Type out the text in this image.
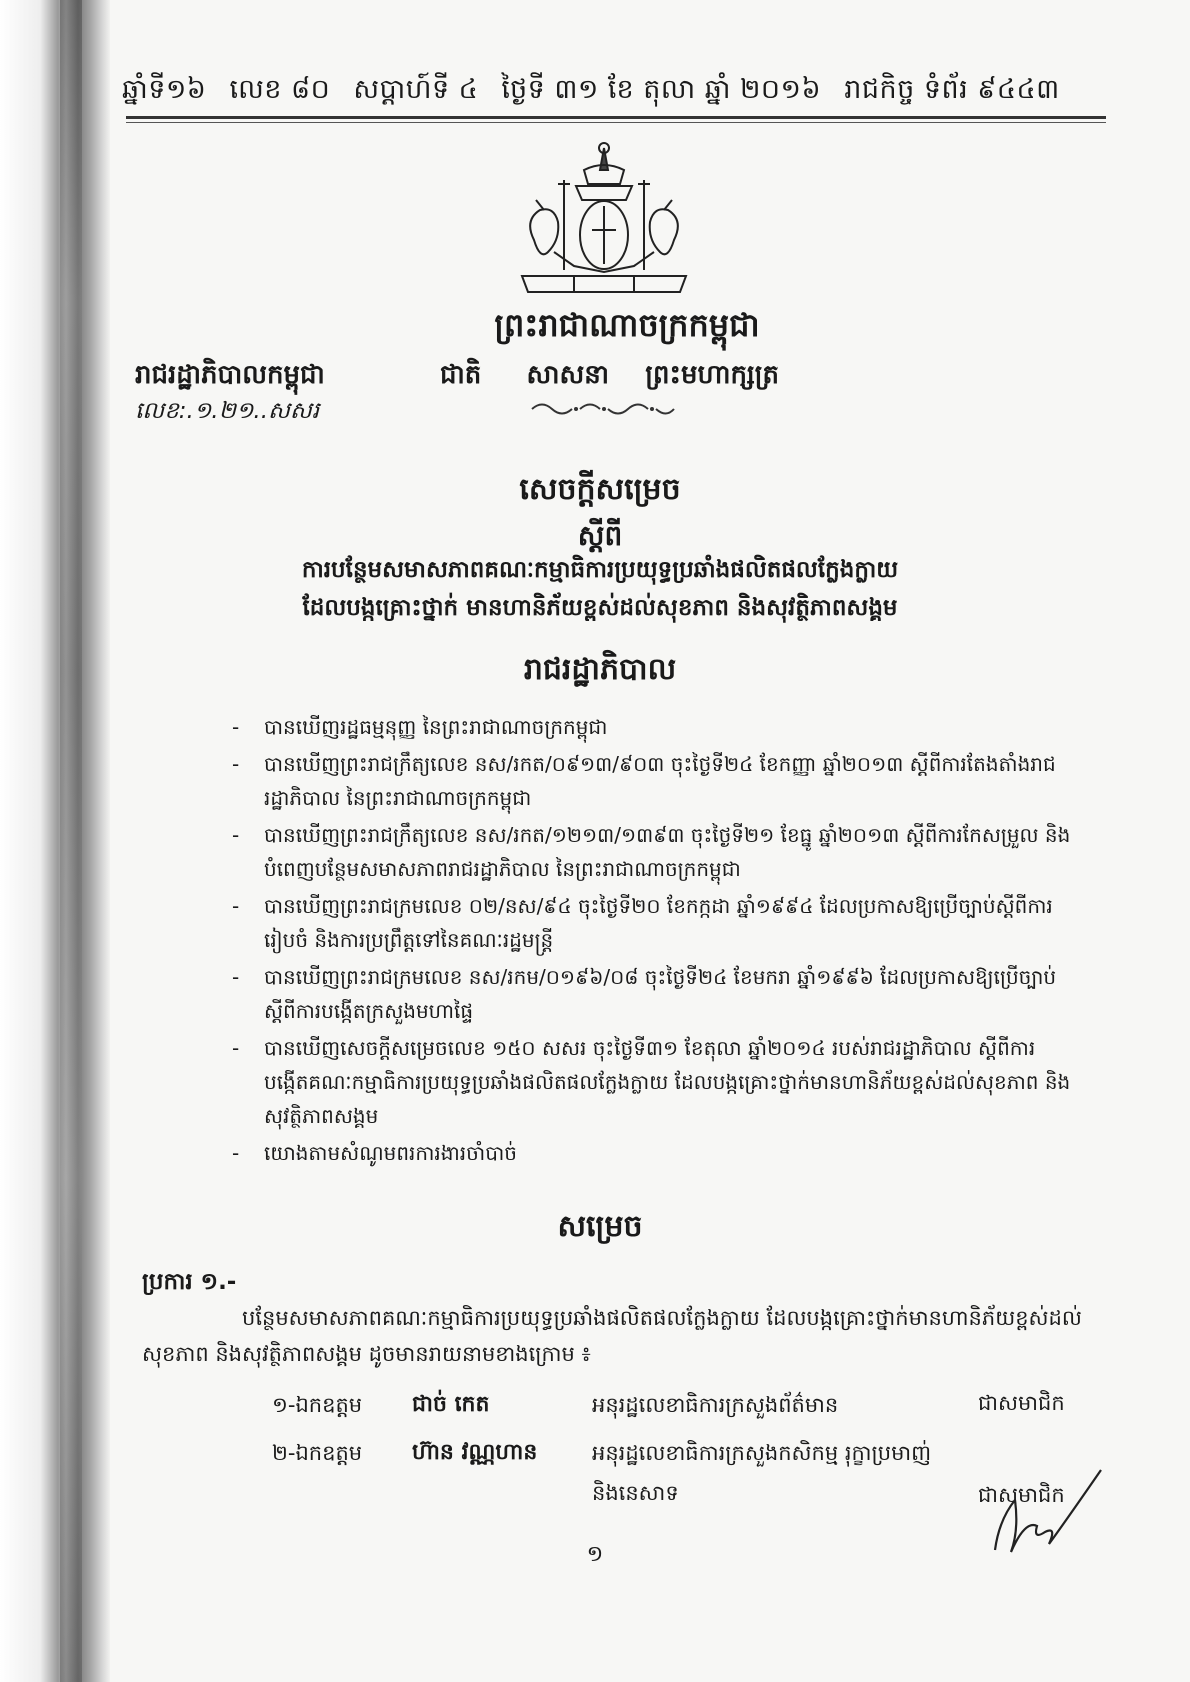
ឆ្នាំទី១៦ លេខ ៨០ សប្តាហ៍ទី ៤ ថ្ងៃទី ៣១ ខែ តុលា ឆ្នាំ ២០១៦ រាជកិច្ច ទំព័រ ៩៤៤៣
ព្រះរាជាណាចក្រកម្ពុជា
ជាតិ សាសនា ព្រះមហាក្សត្រ
រាជរដ្ឋាភិបាលកម្ពុជា
លេខ:.១.២១..សសរ
សេចក្តីសម្រេច
ស្តីពី
ការបន្ថែមសមាសភាពគណៈកម្មាធិការប្រយុទ្ធប្រឆាំងផលិតផលក្លែងក្លាយ
ដែលបង្កគ្រោះថ្នាក់ មានហានិភ័យខ្ពស់ដល់សុខភាព និងសុវត្ថិភាពសង្គម
រាជរដ្ឋាភិបាល
- បានឃើញរដ្ឋធម្មនុញ្ញ នៃព្រះរាជាណាចក្រកម្ពុជា
- បានឃើញព្រះរាជក្រឹត្យលេខ នស/រកត/០៩១៣/៩០៣ ចុះថ្ងៃទី២៤ ខែកញ្ញា ឆ្នាំ២០១៣ ស្តីពីការតែងតាំងរាជរដ្ឋាភិបាល នៃព្រះរាជាណាចក្រកម្ពុជា
- បានឃើញព្រះរាជក្រឹត្យលេខ នស/រកត/១២១៣/១៣៩៣ ចុះថ្ងៃទី២១ ខែធ្នូ ឆ្នាំ២០១៣ ស្តីពីការកែសម្រួល និងបំពេញបន្ថែមសមាសភាពរាជរដ្ឋាភិបាល នៃព្រះរាជាណាចក្រកម្ពុជា
- បានឃើញព្រះរាជក្រមលេខ ០២/នស/៩៤ ចុះថ្ងៃទី២០ ខែកក្កដា ឆ្នាំ១៩៩៤ ដែលប្រកាសឱ្យប្រើច្បាប់ស្តីពីការរៀបចំ និងការប្រព្រឹត្តទៅនៃគណៈរដ្ឋមន្ត្រី
- បានឃើញព្រះរាជក្រមលេខ នស/រកម/០១៩៦/០៨ ចុះថ្ងៃទី២៤ ខែមករា ឆ្នាំ១៩៩៦ ដែលប្រកាសឱ្យប្រើច្បាប់ស្តីពីការបង្កើតក្រសួងមហាផ្ទៃ
- បានឃើញសេចក្តីសម្រេចលេខ ១៥០ សសរ ចុះថ្ងៃទី៣១ ខែតុលា ឆ្នាំ២០១៤ របស់រាជរដ្ឋាភិបាល ស្តីពីការបង្កើតគណៈកម្មាធិការប្រយុទ្ធប្រឆាំងផលិតផលក្លែងក្លាយ ដែលបង្កគ្រោះថ្នាក់មានហានិភ័យខ្ពស់ដល់សុខភាព និងសុវត្ថិភាពសង្គម
- យោងតាមសំណូមពរការងារចាំបាច់
សម្រេច
ប្រការ ១.-
បន្ថែមសមាសភាពគណៈកម្មាធិការប្រយុទ្ធប្រឆាំងផលិតផលក្លែងក្លាយ ដែលបង្កគ្រោះថ្នាក់មានហានិភ័យខ្ពស់ដល់សុខភាព និងសុវត្ថិភាពសង្គម ដូចមានរាយនាមខាងក្រោម ៖
១-ឯកឧត្តម ជាច់ កេត	អនុរដ្ឋលេខាធិការក្រសួងព័ត៌មាន	ជាសមាជិក
២-ឯកឧត្តម ហ៊ាន វណ្ណហាន	អនុរដ្ឋលេខាធិការក្រសួងកសិកម្ម រុក្ខាប្រមាញ់
និងនេសាទ	ជាសមាជិក
១
